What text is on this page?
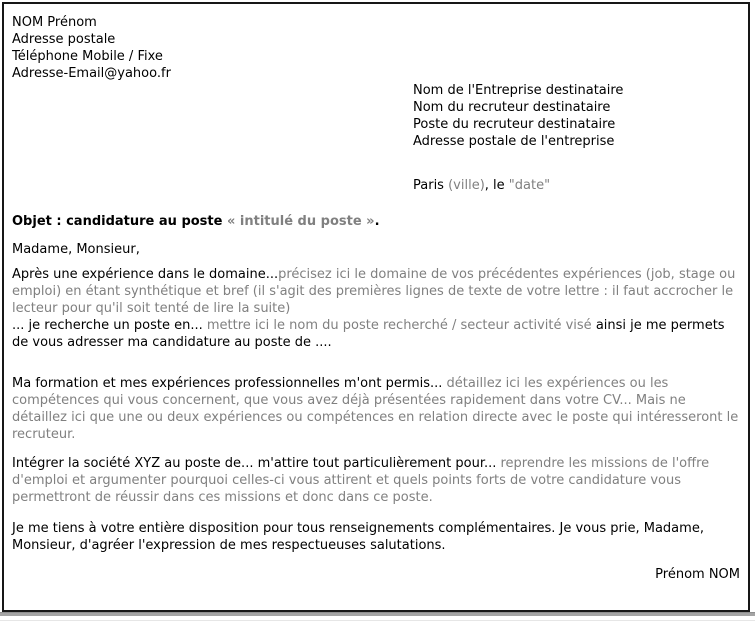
NOM Prénom
Adresse postale
Téléphone Mobile / Fixe
Adresse-Email@yahoo.fr
Nom de l'Entreprise destinataire
Nom du recruteur destinataire
Poste du recruteur destinataire
Adresse postale de l'entreprise
Paris (ville), le "date"
Objet : candidature au poste « intitulé du poste ».
Madame, Monsieur,

Après une expérience dans le domaine...précisez ici le domaine de vos précédentes expériences (job, stage ou emploi) en étant synthétique et bref (il s'agit des premières lignes de texte de votre lettre : il faut accrocher le lecteur pour qu'il soit tenté de lire la suite)
... je recherche un poste en... mettre ici le nom du poste recherché / secteur activité visé ainsi je me permets de vous adresser ma candidature au poste de ....

Ma formation et mes expériences professionnelles m'ont permis... détaillez ici les expériences ou les compétences qui vous concernent, que vous avez déjà présentées rapidement dans votre CV... Mais ne détaillez ici que une ou deux expériences ou compétences en relation directe avec le poste qui intéresseront le recruteur.

Intégrer la société XYZ au poste de... m'attire tout particulièrement pour... reprendre les missions de l'offre d'emploi et argumenter pourquoi celles-ci vous attirent et quels points forts de votre candidature vous permettront de réussir dans ces missions et donc dans ce poste.

Je me tiens à votre entière disposition pour tous renseignements complémentaires. Je vous prie, Madame, Monsieur, d'agréer l'expression de mes respectueuses salutations.

Prénom NOM
